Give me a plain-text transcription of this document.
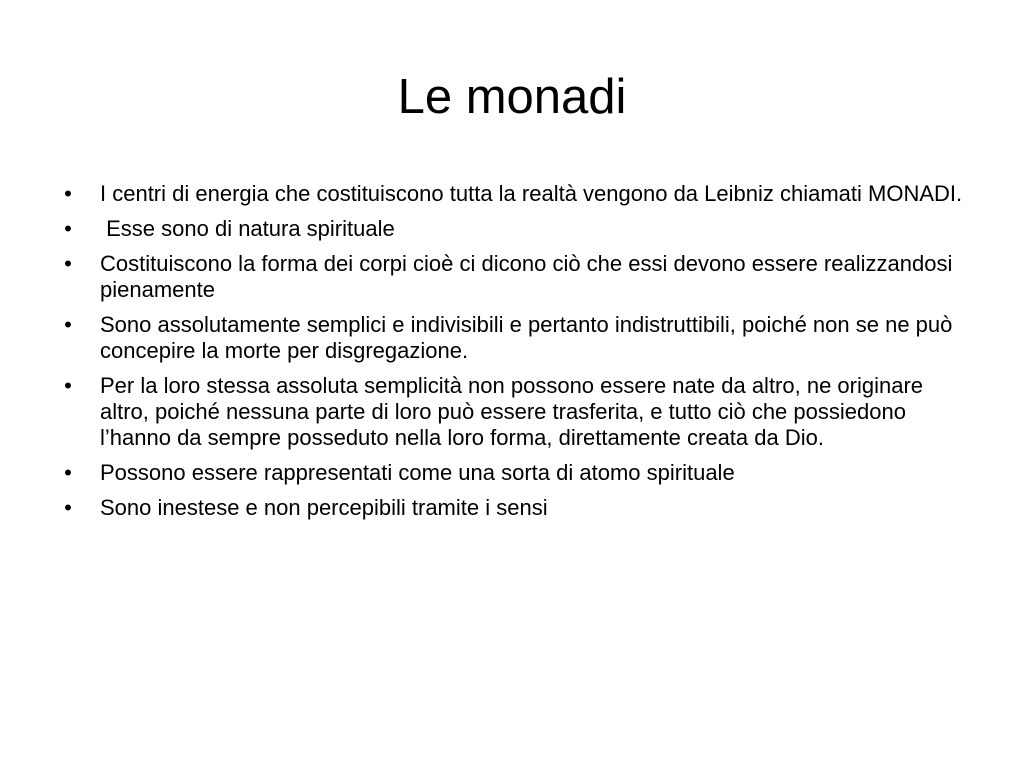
Le monadi
• I centri di energia che costituiscono tutta la realtà vengono da Leibniz chiamati MONADI.
• Esse sono di natura spirituale
• Costituiscono la forma dei corpi cioè ci dicono ciò che essi devono essere realizzandosi pienamente
• Sono assolutamente semplici e indivisibili e pertanto indistruttibili, poiché non se ne può concepire la morte per disgregazione.
• Per la loro stessa assoluta semplicità non possono essere nate da altro, ne originare altro, poiché nessuna parte di loro può essere trasferita, e tutto ciò che possiedono l’hanno da sempre posseduto nella loro forma, direttamente creata da Dio.
• Possono essere rappresentati come una sorta di atomo spirituale
• Sono inestese e non percepibili tramite i sensi
